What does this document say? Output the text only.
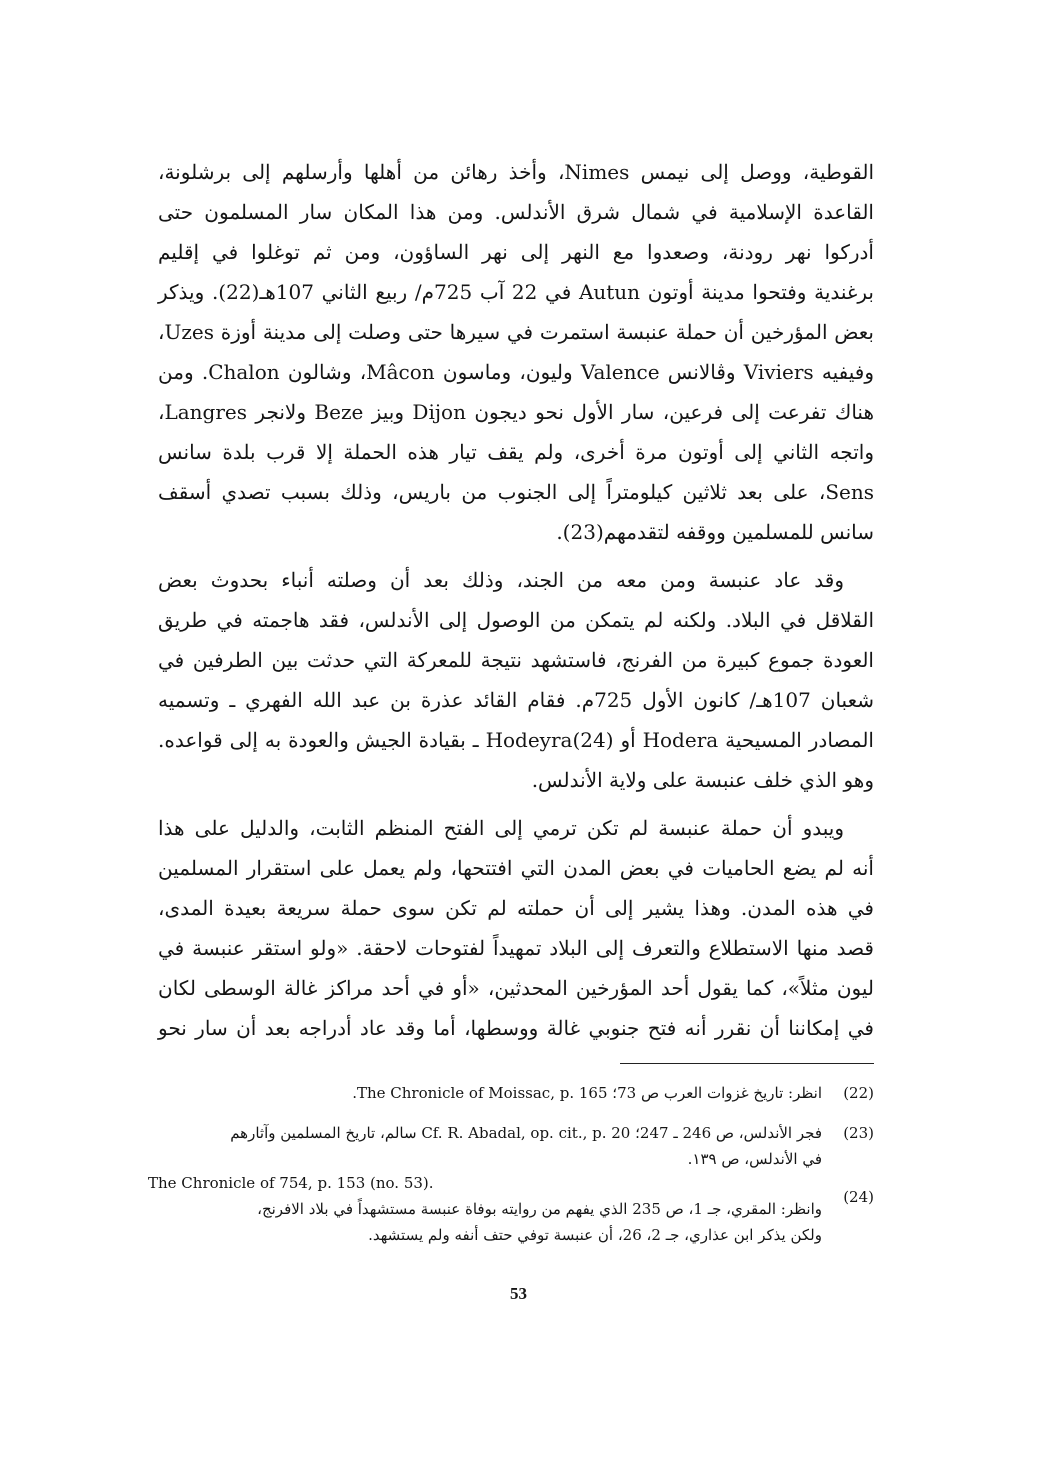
القوطية، ووصل إلى نيمس Nimes، وأخذ رهائن من أهلها وأرسلهم إلى برشلونة،
القاعدة الإسلامية في شمال شرق الأندلس. ومن هذا المكان سار المسلمون حتى
أدركوا نهر رودنة، وصعدوا مع النهر إلى نهر الساؤون، ومن ثم توغلوا في إقليم
برغندية وفتحوا مدينة أوتون Autun في 22 آب 725م/ ربيع الثاني 107هـ(22). ويذكر
بعض المؤرخين أن حملة عنبسة استمرت في سيرها حتى وصلت إلى مدينة أوزة Uzes،
وفيفيه Viviers وڤالانس Valence وليون، وماسون Mâcon، وشالون Chalon. ومن
هناك تفرعت إلى فرعين، سار الأول نحو ديجون Dijon وبيز Beze ولانجر Langres،
واتجه الثاني إلى أوتون مرة أخرى، ولم يقف تيار هذه الحملة إلا قرب بلدة سانس
Sens، على بعد ثلاثين كيلومتراً إلى الجنوب من باريس، وذلك بسبب تصدي أسقف
سانس للمسلمين ووقفه لتقدمهم(23).
وقد عاد عنبسة ومن معه من الجند، وذلك بعد أن وصلته أنباء بحدوث بعض
القلاقل في البلاد. ولكنه لم يتمكن من الوصول إلى الأندلس، فقد هاجمته في طريق
العودة جموع كبيرة من الفرنج، فاستشهد نتيجة للمعركة التي حدثت بين الطرفين في
شعبان 107هـ/ كانون الأول 725م. فقام القائد عذرة بن عبد الله الفهري ـ وتسميه
المصادر المسيحية Hodera أو Hodeyra(24) ـ بقيادة الجيش والعودة به إلى قواعده.
وهو الذي خلف عنبسة على ولاية الأندلس.
ويبدو أن حملة عنبسة لم تكن ترمي إلى الفتح المنظم الثابت، والدليل على هذا
أنه لم يضع الحاميات في بعض المدن التي افتتحها، ولم يعمل على استقرار المسلمين
في هذه المدن. وهذا يشير إلى أن حملته لم تكن سوى حملة سريعة بعيدة المدى،
قصد منها الاستطلاع والتعرف إلى البلاد تمهيداً لفتوحات لاحقة. «ولو استقر عنبسة في
ليون مثلاً»، كما يقول أحد المؤرخين المحدثين، «أو في أحد مراكز غالة الوسطى لكان
في إمكاننا أن نقرر أنه فتح جنوبي غالة ووسطها، أما وقد عاد أدراجه بعد أن سار نحو
(22)
انظر: تاريخ غزوات العرب ص 73؛ The Chronicle of Moissac, p. 165.
(23)
فجر الأندلس، ص 246 ـ 247؛ Cf. R. Abadal, op. cit., p. 20 سالم، تاريخ المسلمين وآثارهم
في الأندلس، ص ١٣٩.
(24)
The Chronicle of 754, p. 153 (no. 53).
وانظر: المقري، جـ 1، ص 235 الذي يفهم من روايته بوفاة عنبسة مستشهداً في بلاد الافرنج،
ولكن يذكر ابن عذاري، جـ 2، 26، أن عنبسة توفي حتف أنفه ولم يستشهد.
53
